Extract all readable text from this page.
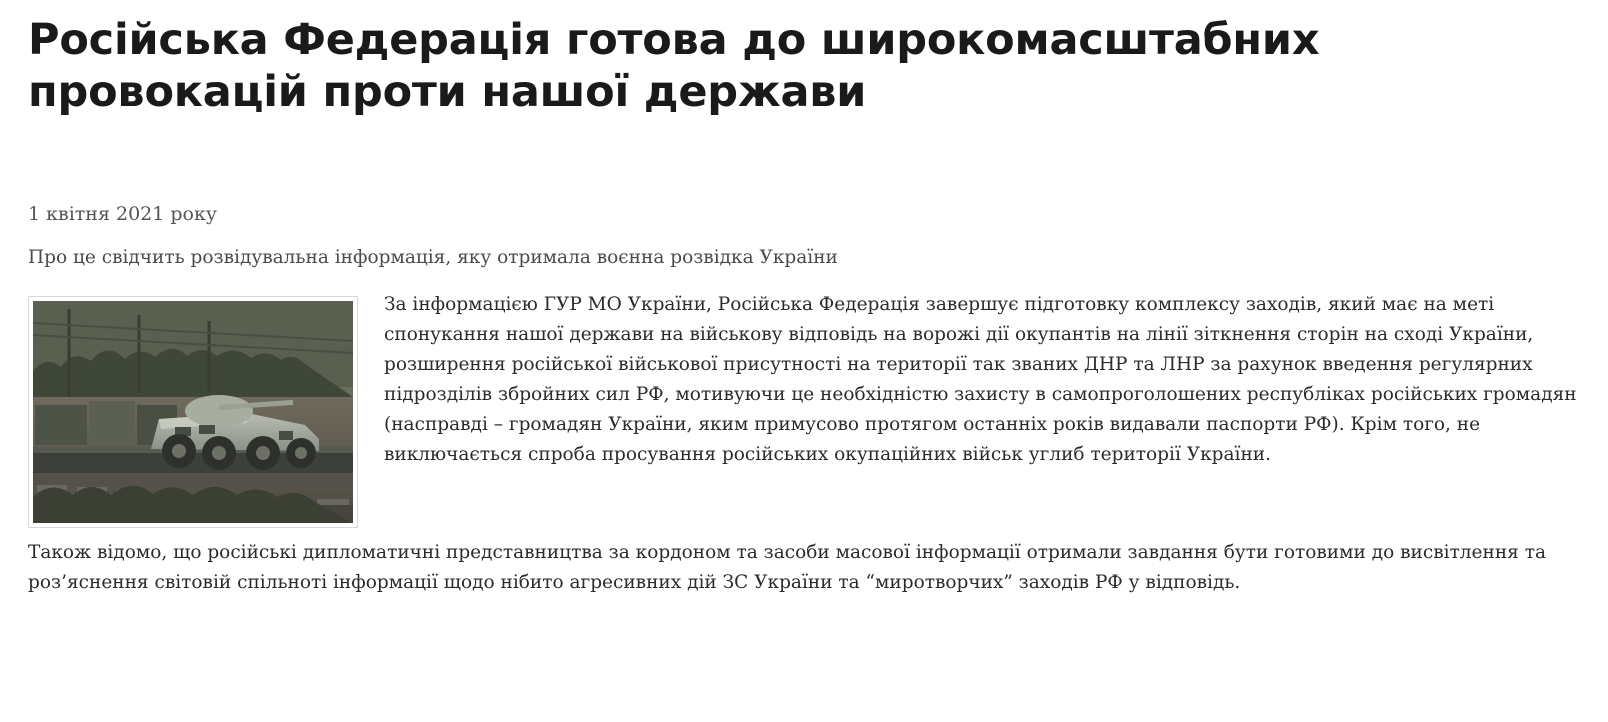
Російська Федерація готова до широкомасштабних провокацій проти нашої держави
1 квітня 2021 року
Про це свідчить розвідувальна інформація, яку отримала воєнна розвідка України

За інформацією ГУР МО України, Російська Федерація завершує підготовку комплексу заходів, який має на меті спонукання нашої держави на військову відповідь на ворожі дії окупантів на лінії зіткнення сторін на сході України, розширення російської військової присутності на території так званих ДНР та ЛНР за рахунок введення регулярних підрозділів збройних сил РФ, мотивуючи це необхідністю захисту в самопроголошених республіках російських громадян (насправді – громадян України, яким примусово протягом останніх років видавали паспорти РФ). Крім того, не виключається спроба просування російських окупаційних військ углиб території України.

Також відомо, що російські дипломатичні представництва за кордоном та засоби масової інформації отримали завдання бути готовими до висвітлення та роз’яснення світовій спільноті інформації щодо нібито агресивних дій ЗС України та “миротворчих” заходів РФ у відповідь.
